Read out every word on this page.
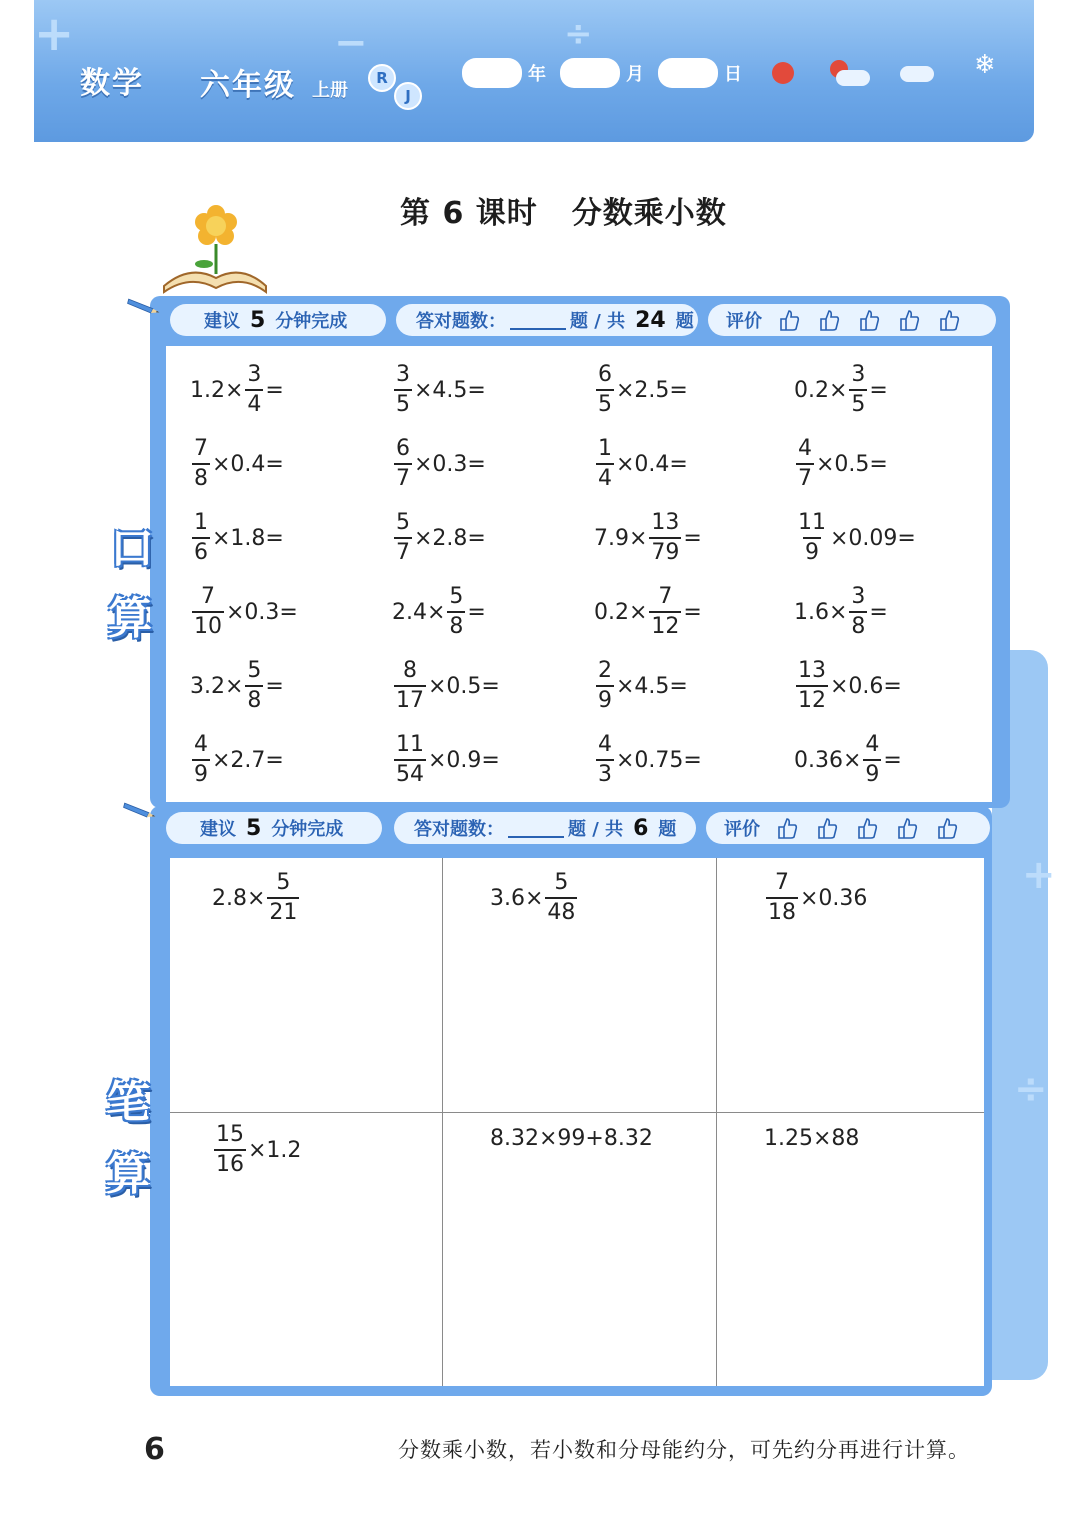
+	−	÷
数学 六年级 上册
R
J
年	月	日	❄
第 6 课时 分数乘小数
建议 5 分钟完成	答对题数：	题 / 共 24 题 评价
口
算
$1.2\times \frac{3}{4}$ =	$\frac{3}{5} \times 4.5=$	$\frac{6}{5} \times 2.5=$	$0.2\times \frac{3}{5}$ =
$\frac{7}{8} \times 0.4=$	$\frac{6}{7} \times 0.3=$	$\frac{1}{4} \times 0.4=$	$\frac{4}{7} \times 0.5=$
$\frac{1}{6} \times 1.8=$	$\frac{5}{7} \times 2.8=$	$7.9\times \frac{13}{79}$ =	$\frac{11}{9} \times 0.09=$
$\frac{7}{10} \times 0.3=$	$2.4\times \frac{5}{8}$ =	$0.2\times \frac{7}{12}$ =	$1.6\times \frac{3}{8}$ =
$3.2\times \frac{5}{8}$ =	$\frac{8}{17} \times 0.5=$	$\frac{2}{9} \times 4.5=$	$\frac{13}{12} \times 0.6=$
$\frac{4}{9} \times 2.7=$	$\frac{11}{54} \times 0.9=$	$\frac{4}{3} \times 0.75=$	$0.36\times \frac{4}{9}$ =
建议 5 分钟完成	答对题数：	题 / 共 6 题	评价
笔
算
$2.8\times \frac{5}{21}$	$3.6\times \frac{5}{48}$	$\frac{7}{18} \times 0.36$
$\frac{15}{16} \times 1.2$	8.32×99+8.32	1.25×88
+
÷
6	分数乘小数，若小数和分母能约分，可先约分再进行计算。
